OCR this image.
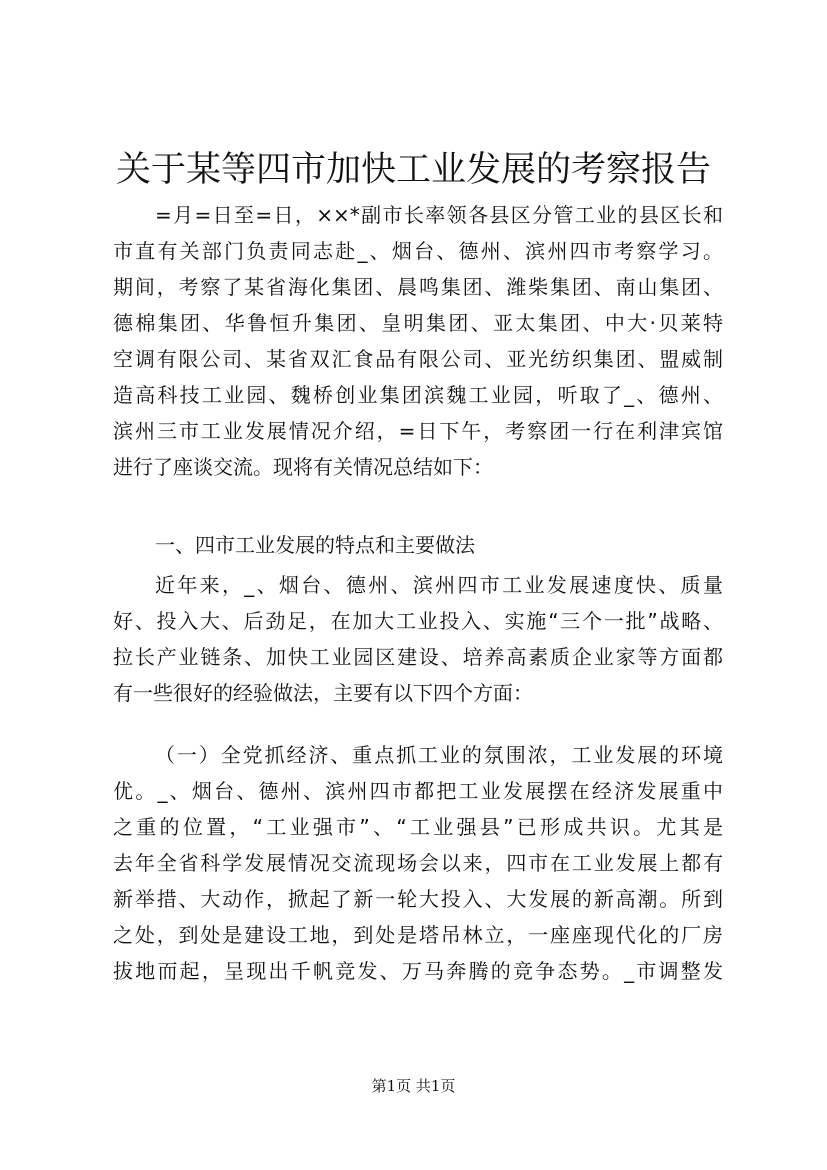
关于某等四市加快工业发展的考察报告
=月=日至=日，××*副市长率领各县区分管工业的县区长和
市直有关部门负责同志赴_、烟台、德州、滨州四市考察学习。
期间，考察了某省海化集团、晨鸣集团、潍柴集团、南山集团、
德棉集团、华鲁恒升集团、皇明集团、亚太集团、中大·贝莱特
空调有限公司、某省双汇食品有限公司、亚光纺织集团、盟威制
造高科技工业园、魏桥创业集团滨魏工业园，听取了_、德州、
滨州三市工业发展情况介绍，=日下午，考察团一行在利津宾馆
进行了座谈交流。现将有关情况总结如下：
一、四市工业发展的特点和主要做法
近年来，_、烟台、德州、滨州四市工业发展速度快、质量
好、投入大、后劲足，在加大工业投入、实施“三个一批”战略、
拉长产业链条、加快工业园区建设、培养高素质企业家等方面都
有一些很好的经验做法，主要有以下四个方面：
（一）全党抓经济、重点抓工业的氛围浓，工业发展的环境
优。_、烟台、德州、滨州四市都把工业发展摆在经济发展重中
之重的位置，“工业强市”、“工业强县”已形成共识。尤其是
去年全省科学发展情况交流现场会以来，四市在工业发展上都有
新举措、大动作，掀起了新一轮大投入、大发展的新高潮。所到
之处，到处是建设工地，到处是塔吊林立，一座座现代化的厂房
拔地而起，呈现出千帆竞发、万马奔腾的竞争态势。_市调整发
第1页 共1页
